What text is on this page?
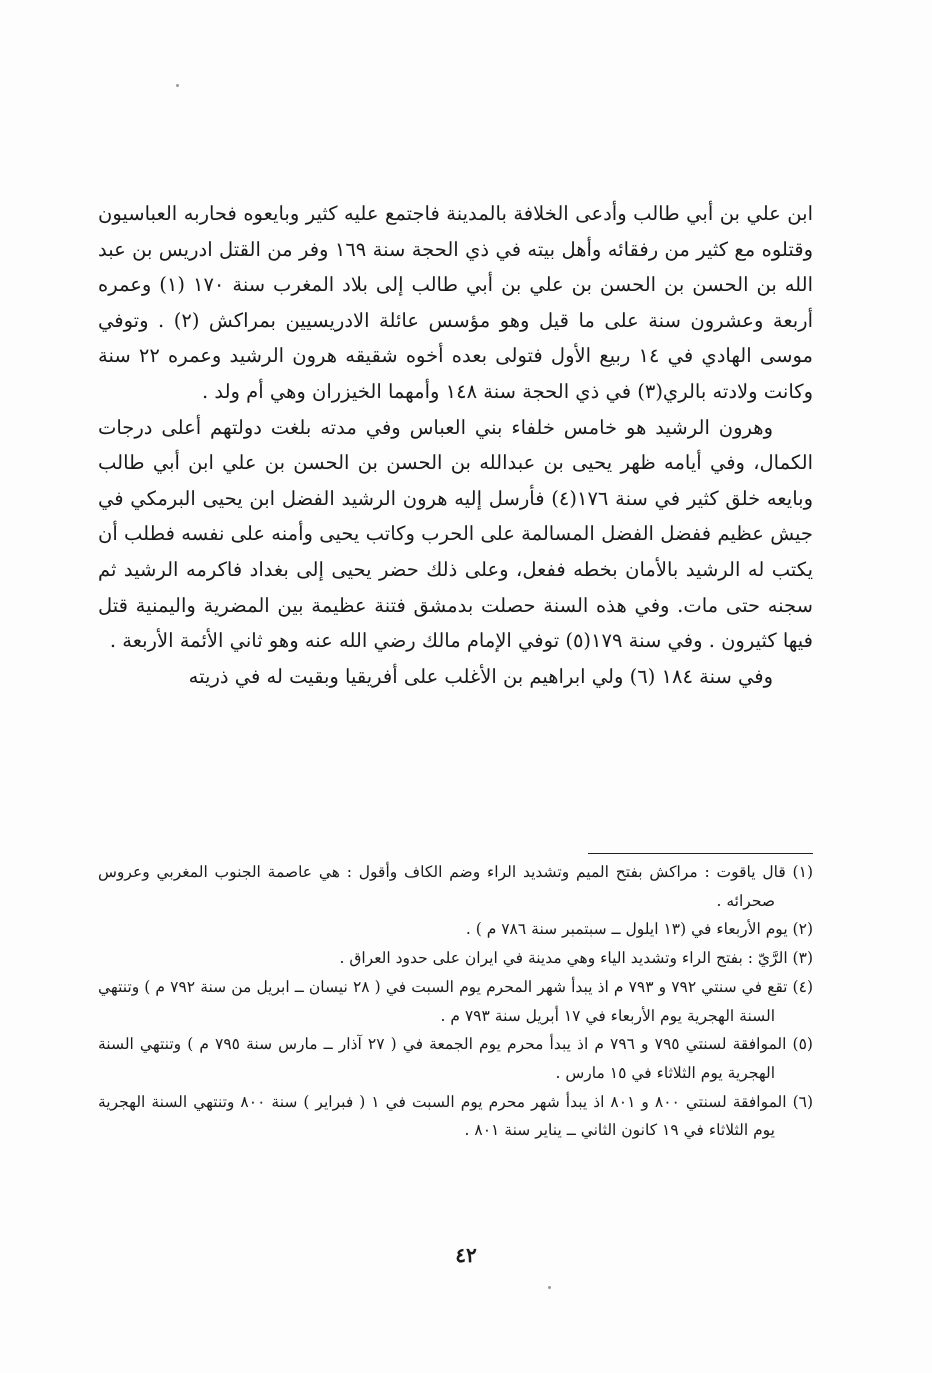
ابن علي بن أبي طالب وأدعى الخلافة بالمدينة فاجتمع عليه كثير وبايعوه فحاربه العباسيون وقتلوه مع كثير من رفقائه وأهل بيته في ذي الحجة سنة ١٦٩ وفر من القتل ادريس بن عبد الله بن الحسن بن الحسن بن علي بن أبي طالب إلى بلاد المغرب سنة ١٧٠ (١) وعمره أربعة وعشرون سنة على ما قيل وهو مؤسس عائلة الادريسيين بمراكش (٢) . وتوفي موسى الهادي في ١٤ ربيع الأول فتولى بعده أخوه شقيقه هرون الرشيد وعمره ٢٢ سنة وكانت ولادته بالري(٣) في ذي الحجة سنة ١٤٨ وأمهما الخيزران وهي أم ولد .

وهرون الرشيد هو خامس خلفاء بني العباس وفي مدته بلغت دولتهم أعلى درجات الكمال، وفي أيامه ظهر يحيى بن عبدالله بن الحسن بن الحسن بن علي ابن أبي طالب وبايعه خلق كثير في سنة ١٧٦(٤) فأرسل إليه هرون الرشيد الفضل ابن يحيى البرمكي في جيش عظيم ففضل الفضل المسالمة على الحرب وكاتب يحيى وأمنه على نفسه فطلب أن يكتب له الرشيد بالأمان بخطه ففعل، وعلى ذلك حضر يحيى إلى بغداد فاكرمه الرشيد ثم سجنه حتى مات. وفي هذه السنة حصلت بدمشق فتنة عظيمة بين المضرية واليمنية قتل فيها كثيرون . وفي سنة ١٧٩(٥) توفي الإمام مالك رضي الله عنه وهو ثاني الأئمة الأربعة .

وفي سنة ١٨٤ (٦) ولي ابراهيم بن الأغلب على أفريقيا وبقيت له في ذريته

(١) قال ياقوت : مراكش بفتح الميم وتشديد الراء وضم الكاف وأقول : هي عاصمة الجنوب المغربي وعروس صحرائه .

(٢) يوم الأربعاء في (١٣ ايلول ــ سبتمبر سنة ٧٨٦ م ) .

(٣) الرَّيّ : بفتح الراء وتشديد الياء وهي مدينة في ايران على حدود العراق .

(٤) تقع في سنتي ٧٩٢ و ٧٩٣ م اذ يبدأ شهر المحرم يوم السبت في ( ٢٨ نيسان ــ ابريل من سنة ٧٩٢ م ) وتنتهي السنة الهجرية يوم الأربعاء في ١٧ أبريل سنة ٧٩٣ م .

(٥) الموافقة لسنتي ٧٩٥ و ٧٩٦ م اذ يبدأ محرم يوم الجمعة في ( ٢٧ آذار ــ مارس سنة ٧٩٥ م ) وتنتهي السنة الهجرية يوم الثلاثاء في ١٥ مارس .

(٦) الموافقة لسنتي ٨٠٠ و ٨٠١ اذ يبدأ شهر محرم يوم السبت في ١ ( فبراير ) سنة ٨٠٠ وتنتهي السنة الهجرية يوم الثلاثاء في ١٩ كانون الثاني ــ يناير سنة ٨٠١ .

٤٢
